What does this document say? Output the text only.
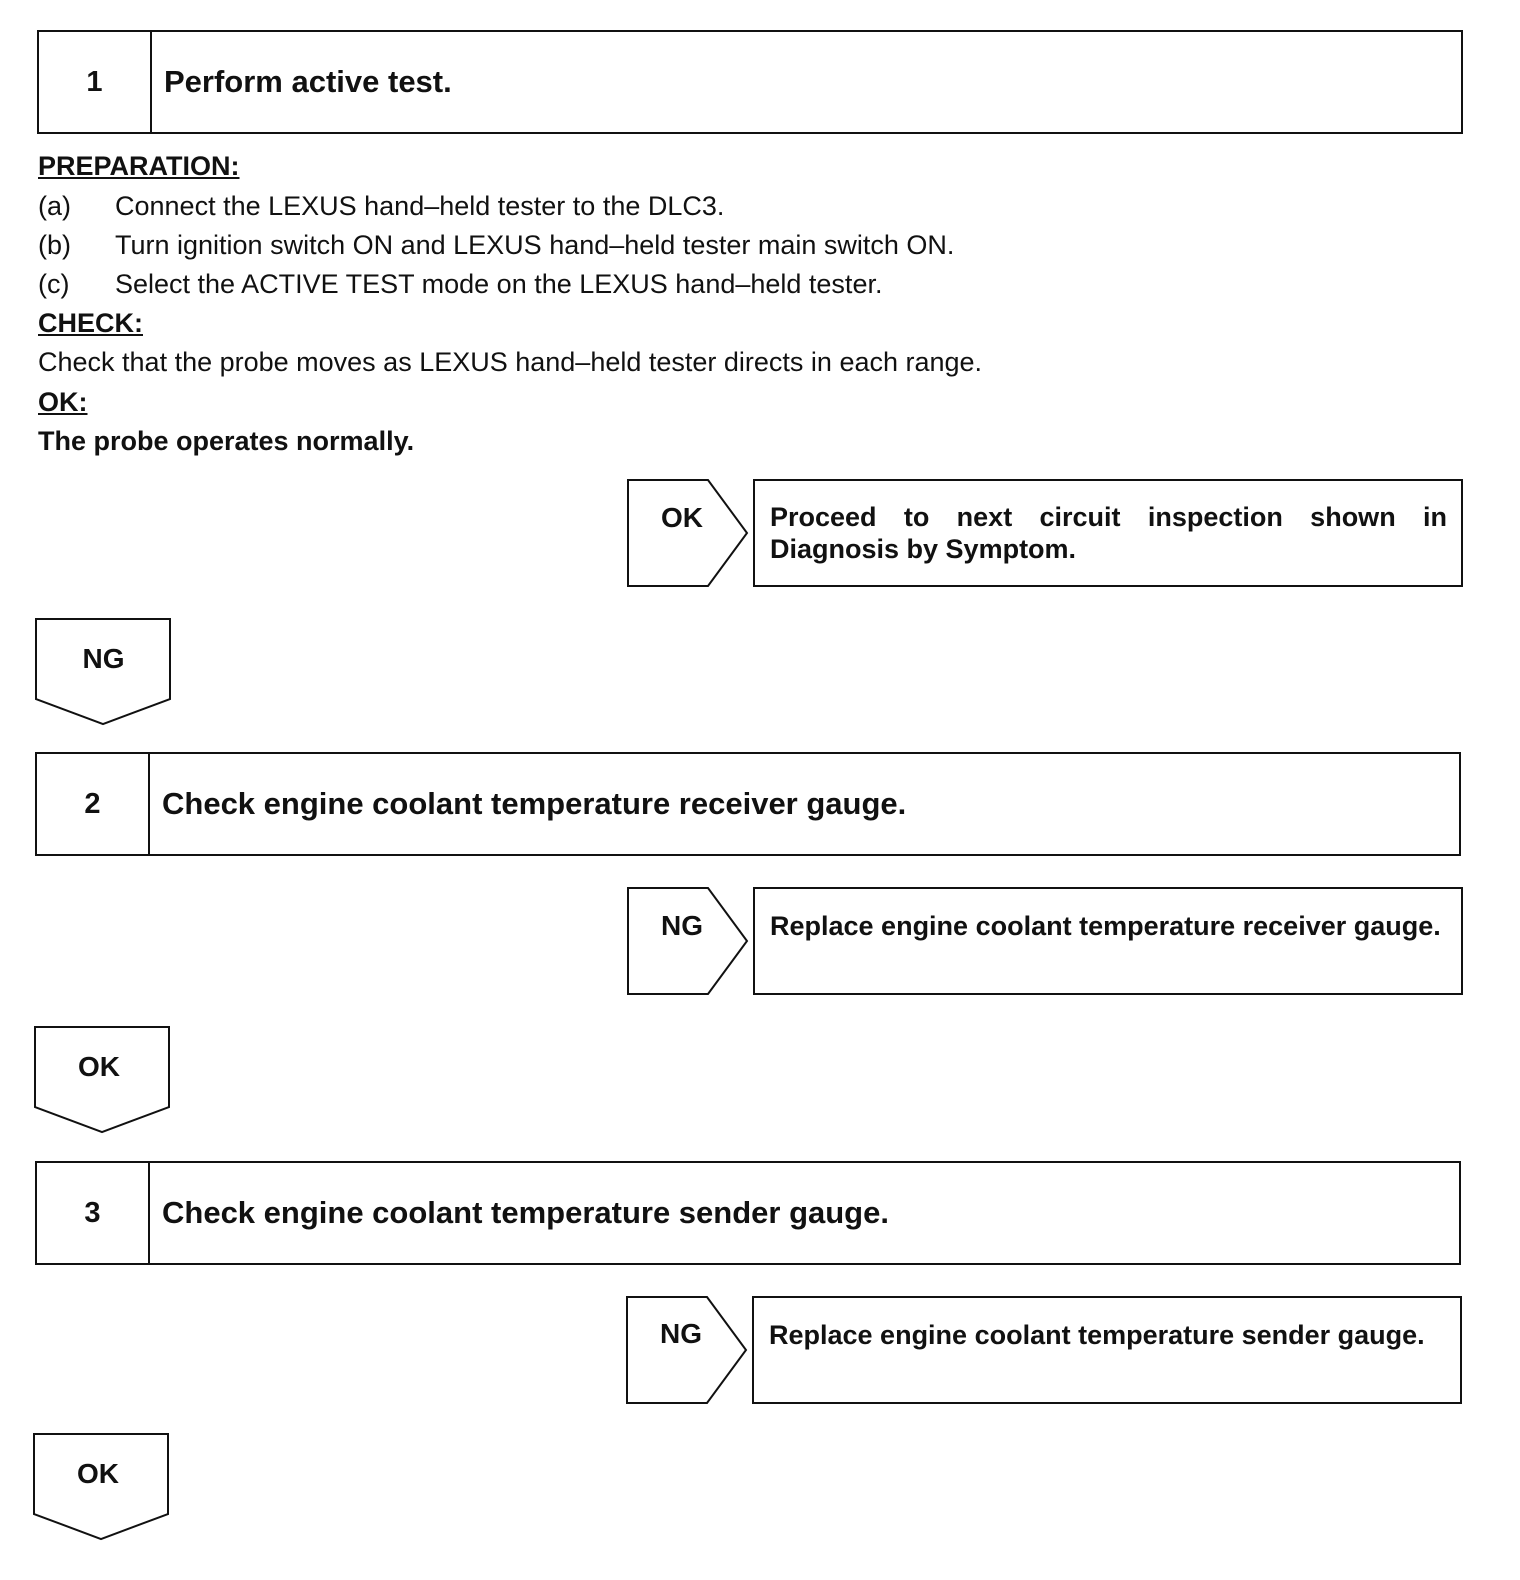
1	Perform active test.
PREPARATION:
(a) Connect the LEXUS hand–held tester to the DLC3.
(b) Turn ignition switch ON and LEXUS hand–held tester main switch ON.
(c) Select the ACTIVE TEST mode on the LEXUS hand–held tester.
CHECK:
Check that the probe moves as LEXUS hand–held tester directs in each range.
OK:
The probe operates normally.
OK	Proceed to next circuit inspection shown in Diagnosis by Symptom.
NG
2	Check engine coolant temperature receiver gauge.
NG	Replace engine coolant temperature receiver gauge.
OK
3	Check engine coolant temperature sender gauge.
NG	Replace engine coolant temperature sender gauge.
OK
